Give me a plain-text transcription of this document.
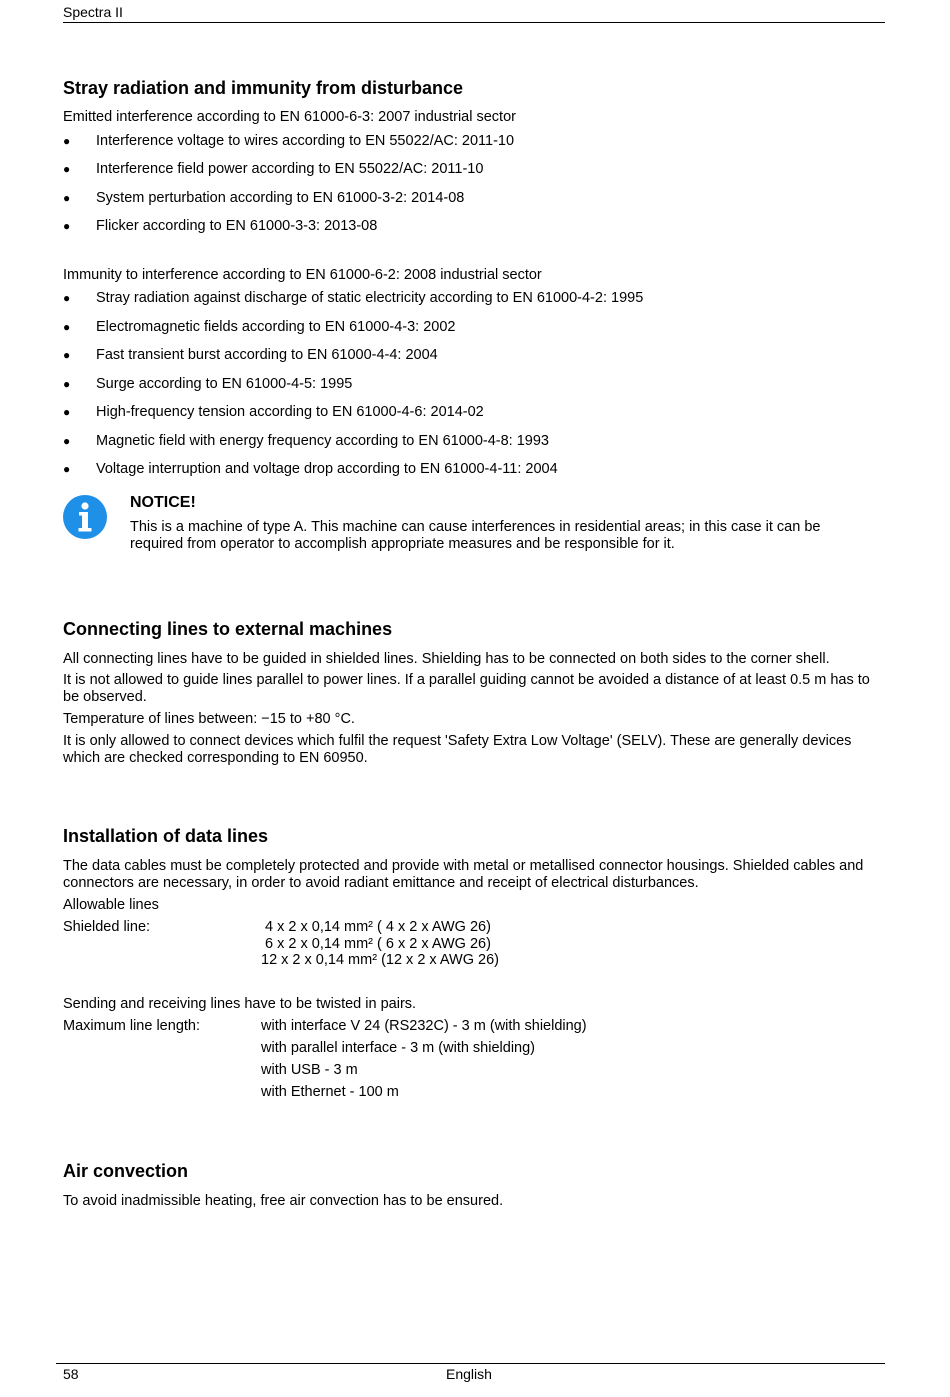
Spectra II
Stray radiation and immunity from disturbance

Emitted interference according to EN 61000-6-3: 2007 industrial sector

● Interference voltage to wires according to EN 55022/AC: 2011-10
● Interference field power according to EN 55022/AC: 2011-10
● System perturbation according to EN 61000-3-2: 2014-08
● Flicker according to EN 61000-3-3: 2013-08

Immunity to interference according to EN 61000-6-2: 2008 industrial sector

● Stray radiation against discharge of static electricity according to EN 61000-4-2: 1995
● Electromagnetic fields according to EN 61000-4-3: 2002
● Fast transient burst according to EN 61000-4-4: 2004
● Surge according to EN 61000-4-5: 1995
● High-frequency tension according to EN 61000-4-6: 2014-02
● Magnetic field with energy frequency according to EN 61000-4-8: 1993
● Voltage interruption and voltage drop according to EN 61000-4-11: 2004
NOTICE!

This is a machine of type A. This machine can cause interferences in residential areas; in this case it can be required from operator to accomplish appropriate measures and be responsible for it.

Connecting lines to external machines

All connecting lines have to be guided in shielded lines. Shielding has to be connected on both sides to the corner shell.

It is not allowed to guide lines parallel to power lines. If a parallel guiding cannot be avoided a distance of at least 0.5 m has to be observed.

Temperature of lines between: −15 to +80 °C.

It is only allowed to connect devices which fulfil the request 'Safety Extra Low Voltage' (SELV). These are generally devices which are checked corresponding to EN 60950.

Installation of data lines

The data cables must be completely protected and provide with metal or metallised connector housings. Shielded cables and connectors are necessary, in order to avoid radiant emittance and receipt of electrical disturbances.

Allowable lines

Shielded line:	4 x 2 x 0,14 mm² ( 4 x 2 x AWG 26)
6 x 2 x 0,14 mm² ( 6 x 2 x AWG 26)
12 x 2 x 0,14 mm² (12 x 2 x AWG 26)

Sending and receiving lines have to be twisted in pairs.

Maximum line length:	with interface V 24 (RS232C) - 3 m (with shielding)
with parallel interface - 3 m (with shielding)
with USB - 3 m
with Ethernet - 100 m
Air convection

To avoid inadmissible heating, free air convection has to be ensured.

58	English
